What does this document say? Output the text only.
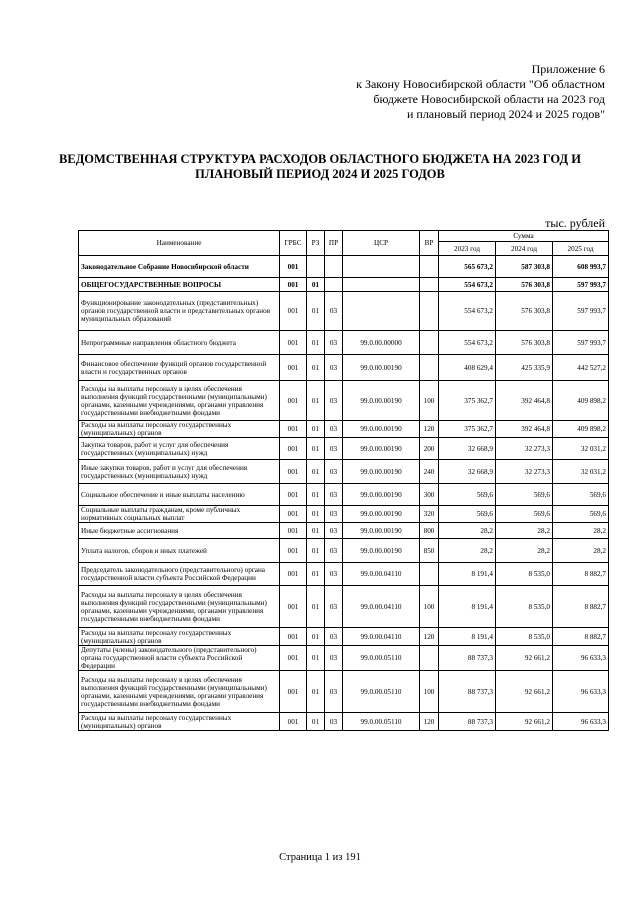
Приложение 6
к Закону Новосибирской области "Об областном
бюджете Новосибирской области на 2023 год
и плановый период 2024 и 2025 годов"
ВЕДОМСТВЕННАЯ СТРУКТУРА РАСХОДОВ ОБЛАСТНОГО БЮДЖЕТА НА 2023 ГОД И
ПЛАНОВЫЙ ПЕРИОД 2024 И 2025 ГОДОВ
тыс. рублей
Наименование	ГРБС	РЗ	ПР	ЦСР	ВР	Сумма		
						2023 год	2024 год	2025 год
Законодательное Собрание Новосибирской области	001					565 673,2	587 303,8	608 993,7
ОБЩЕГОСУДАРСТВЕННЫЕ ВОПРОСЫ	001	01				554 673,2	576 303,8	597 993,7
Функционирование законодательных (представительных) органов государственной власти и представительных органов муниципальных образований	001	01	03			554 673,2	576 303,8	597 993,7
Непрограммные направления областного бюджета	001	01	03	99.0.00.00000		554 673,2	576 303,8	597 993,7
Финансовое обеспечение функций органов государственной власти и государственных органов	001	01	03	99.0.00.00190		408 629,4	425 335,9	442 527,2
Расходы на выплаты персоналу в целях обеспечения выполнения функций государственными (муниципальными) органами, казенными учреждениями, органами управления государственными внебюджетными фондами	001	01	03	99.0.00.00190	100	375 362,7	392 464,8	409 898,2
Расходы на выплаты персоналу государственных (муниципальных) органов	001	01	03	99.0.00.00190	120	375 362,7	392 464,8	409 898,2
Закупка товаров, работ и услуг для обеспечения государственных (муниципальных) нужд	001	01	03	99.0.00.00190	200	32 668,9	32 273,3	32 031,2
Иные закупки товаров, работ и услуг для обеспечения государственных (муниципальных) нужд	001	01	03	99.0.00.00190	240	32 668,9	32 273,3	32 031,2
Социальное обеспечение и иные выплаты населению	001	01	03	99.0.00.00190	300	569,6	569,6	569,6
Социальные выплаты гражданам, кроме публичных нормативных социальных выплат	001	01	03	99.0.00.00190	320	569,6	569,6	569,6
Иные бюджетные ассигнования	001	01	03	99.0.00.00190	800	28,2	28,2	28,2
Уплата налогов, сборов и иных платежей	001	01	03	99.0.00.00190	850	28,2	28,2	28,2
Председатель законодательного (представительного) органа государственной власти субъекта Российской Федерации	001	01	03	99.0.00.04110		8 191,4	8 535,0	8 882,7
Расходы на выплаты персоналу в целях обеспечения выполнения функций государственными (муниципальными) органами, казенными учреждениями, органами управления государственными внебюджетными фондами	001	01	03	99.0.00.04110	100	8 191,4	8 535,0	8 882,7
Расходы на выплаты персоналу государственных (муниципальных) органов	001	01	03	99.0.00.04110	120	8 191,4	8 535,0	8 882,7
Депутаты (члены) законодательного (представительного) органа государственной власти субъекта Российской Федерации	001	01	03	99.0.00.05110		88 737,3	92 661,2	96 633,3
Расходы на выплаты персоналу в целях обеспечения выполнения функций государственными (муниципальными) органами, казенными учреждениями, органами управления государственными внебюджетными фондами	001	01	03	99.0.00.05110	100	88 737,3	92 661,2	96 633,3
Расходы на выплаты персоналу государственных (муниципальных) органов	001	01	03	99.0.00.05110	120	88 737,3	92 661,2	96 633,3
Страница 1 из 191
